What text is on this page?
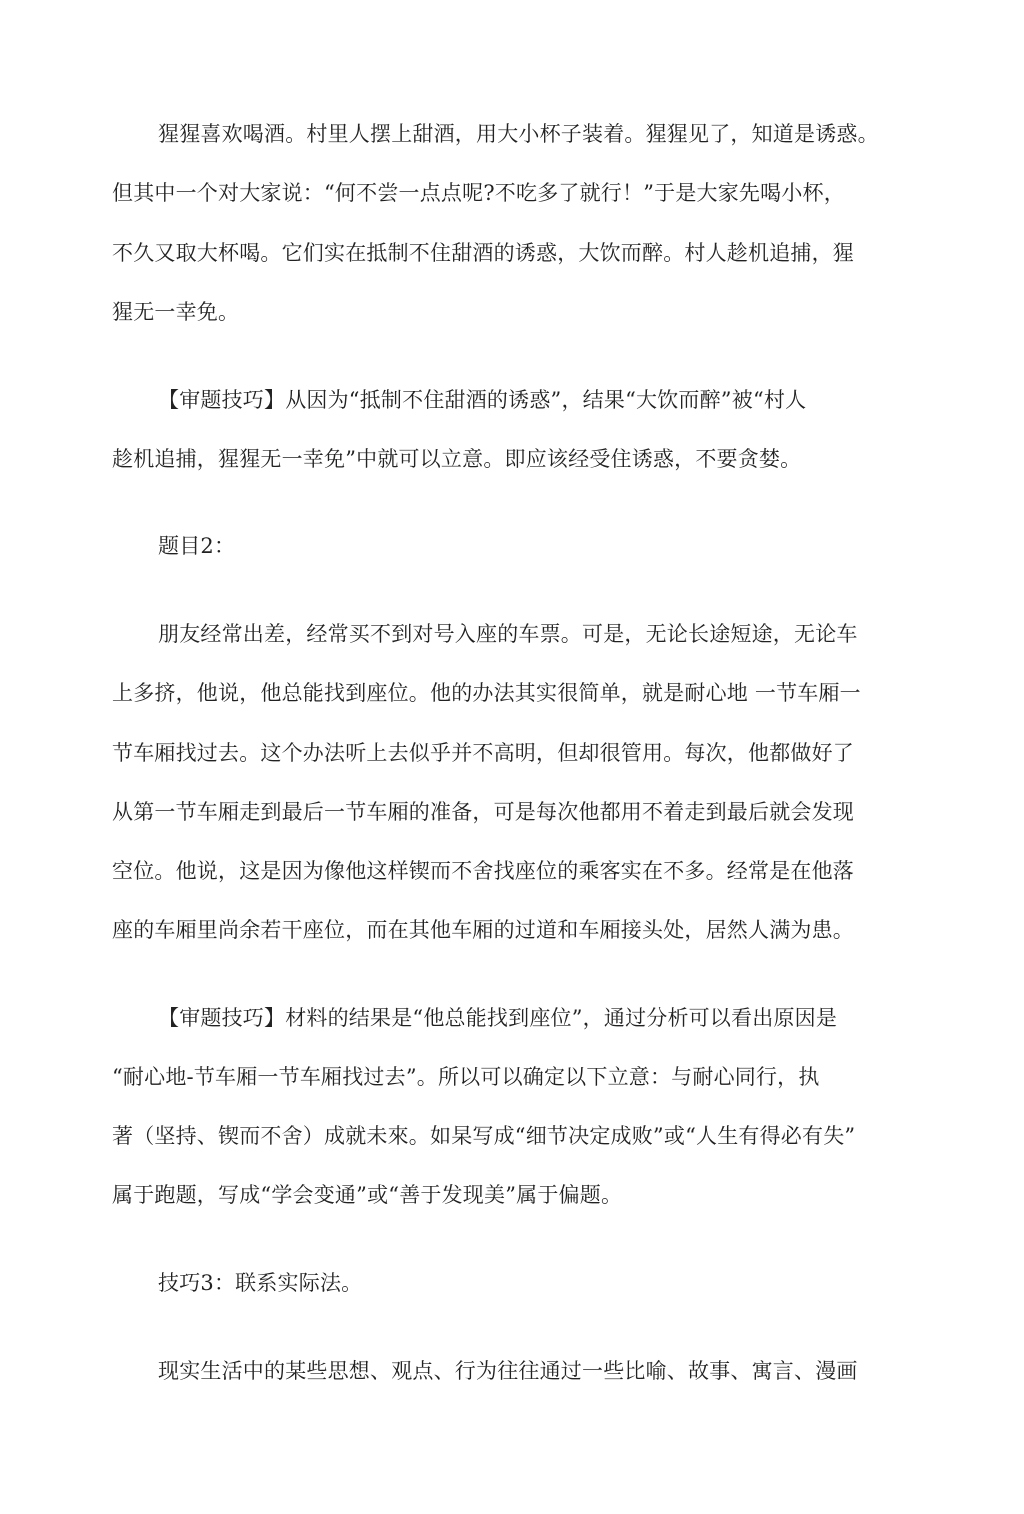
猩猩喜欢喝酒。村里人摆上甜酒，用大小杯子装着。猩猩见了，知道是诱惑。
但其中一个对大家说：“何不尝一点点呢?不吃多了就行！”于是大家先喝小杯，
不久又取大杯喝。它们实在抵制不住甜酒的诱惑，大饮而醉。村人趁机追捕，猩
猩无一幸免。
【审题技巧】从因为“抵制不住甜酒的诱惑”，结果“大饮而醉”被“村人
趁机追捕，猩猩无一幸免”中就可以立意。即应该经受住诱惑，不要贪婪。
题目2：
朋友经常出差，经常买不到对号入座的车票。可是，无论长途短途，无论车
上多挤，他说，他总能找到座位。他的办法其实很简单，就是耐心地 一节车厢一
节车厢找过去。这个办法听上去似乎并不高明，但却很管用。每次，他都做好了
从第一节车厢走到最后一节车厢的准备，可是每次他都用不着走到最后就会发现
空位。他说，这是因为像他这样锲而不舍找座位的乘客实在不多。经常是在他落
座的车厢里尚余若干座位，而在其他车厢的过道和车厢接头处，居然人满为患。
【审题技巧】材料的结果是“他总能找到座位”，通过分析可以看出原因是
“耐心地-节车厢一节车厢找过去”。所以可以确定以下立意：与耐心同行，执
著（坚持、锲而不舍）成就未來。如杲写成“细节决定成败”或“人生有得必有失”
属于跑题，写成“学会变通”或“善于发现美”属于偏题。
技巧3：联系实际法。
现实生活中的某些思想、观点、行为往往通过一些比喻、故事、寓言、漫画
